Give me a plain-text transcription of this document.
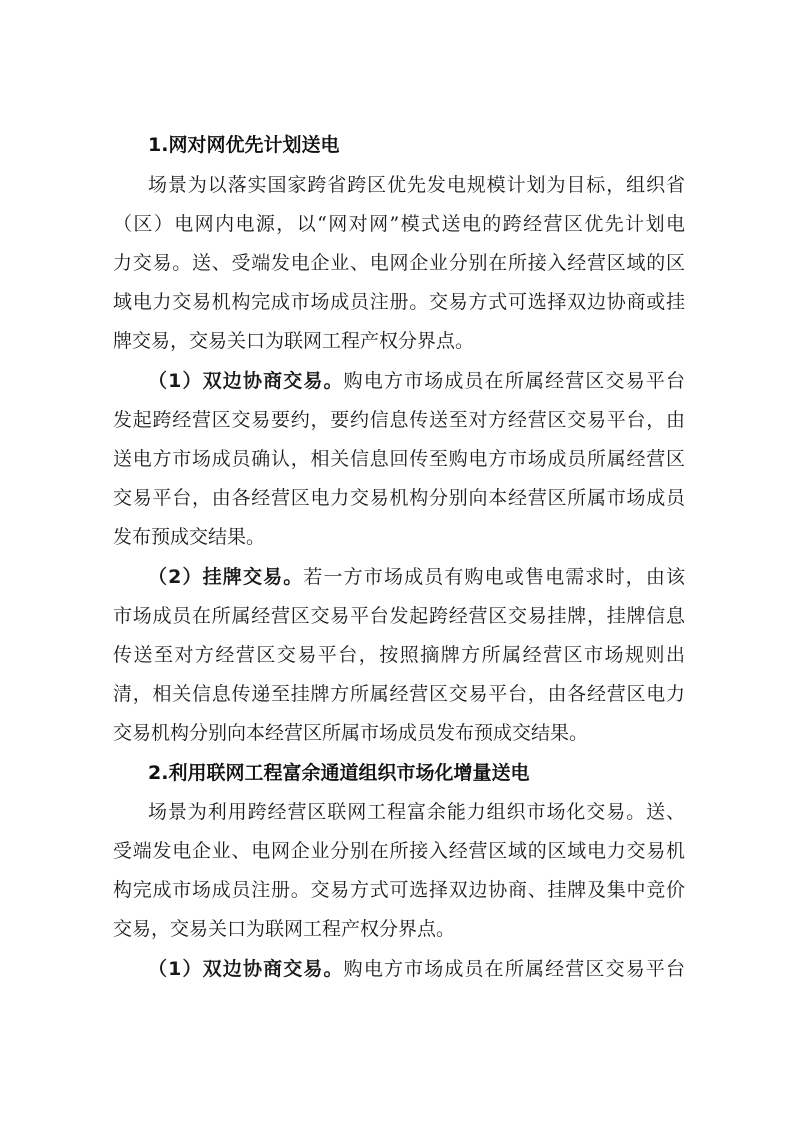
1.网对网优先计划送电
场景为以落实国家跨省跨区优先发电规模计划为目标，组织省
（区）电网内电源，以“网对网”模式送电的跨经营区优先计划电
力交易。送、受端发电企业、电网企业分别在所接入经营区域的区
域电力交易机构完成市场成员注册。交易方式可选择双边协商或挂
牌交易，交易关口为联网工程产权分界点。
（1）双边协商交易。购电方市场成员在所属经营区交易平台
发起跨经营区交易要约，要约信息传送至对方经营区交易平台，由
送电方市场成员确认，相关信息回传至购电方市场成员所属经营区
交易平台，由各经营区电力交易机构分别向本经营区所属市场成员
发布预成交结果。
（2）挂牌交易。若一方市场成员有购电或售电需求时，由该
市场成员在所属经营区交易平台发起跨经营区交易挂牌，挂牌信息
传送至对方经营区交易平台，按照摘牌方所属经营区市场规则出
清，相关信息传递至挂牌方所属经营区交易平台，由各经营区电力
交易机构分别向本经营区所属市场成员发布预成交结果。
2.利用联网工程富余通道组织市场化增量送电
场景为利用跨经营区联网工程富余能力组织市场化交易。送、
受端发电企业、电网企业分别在所接入经营区域的区域电力交易机
构完成市场成员注册。交易方式可选择双边协商、挂牌及集中竞价
交易，交易关口为联网工程产权分界点。
（1）双边协商交易。购电方市场成员在所属经营区交易平台
